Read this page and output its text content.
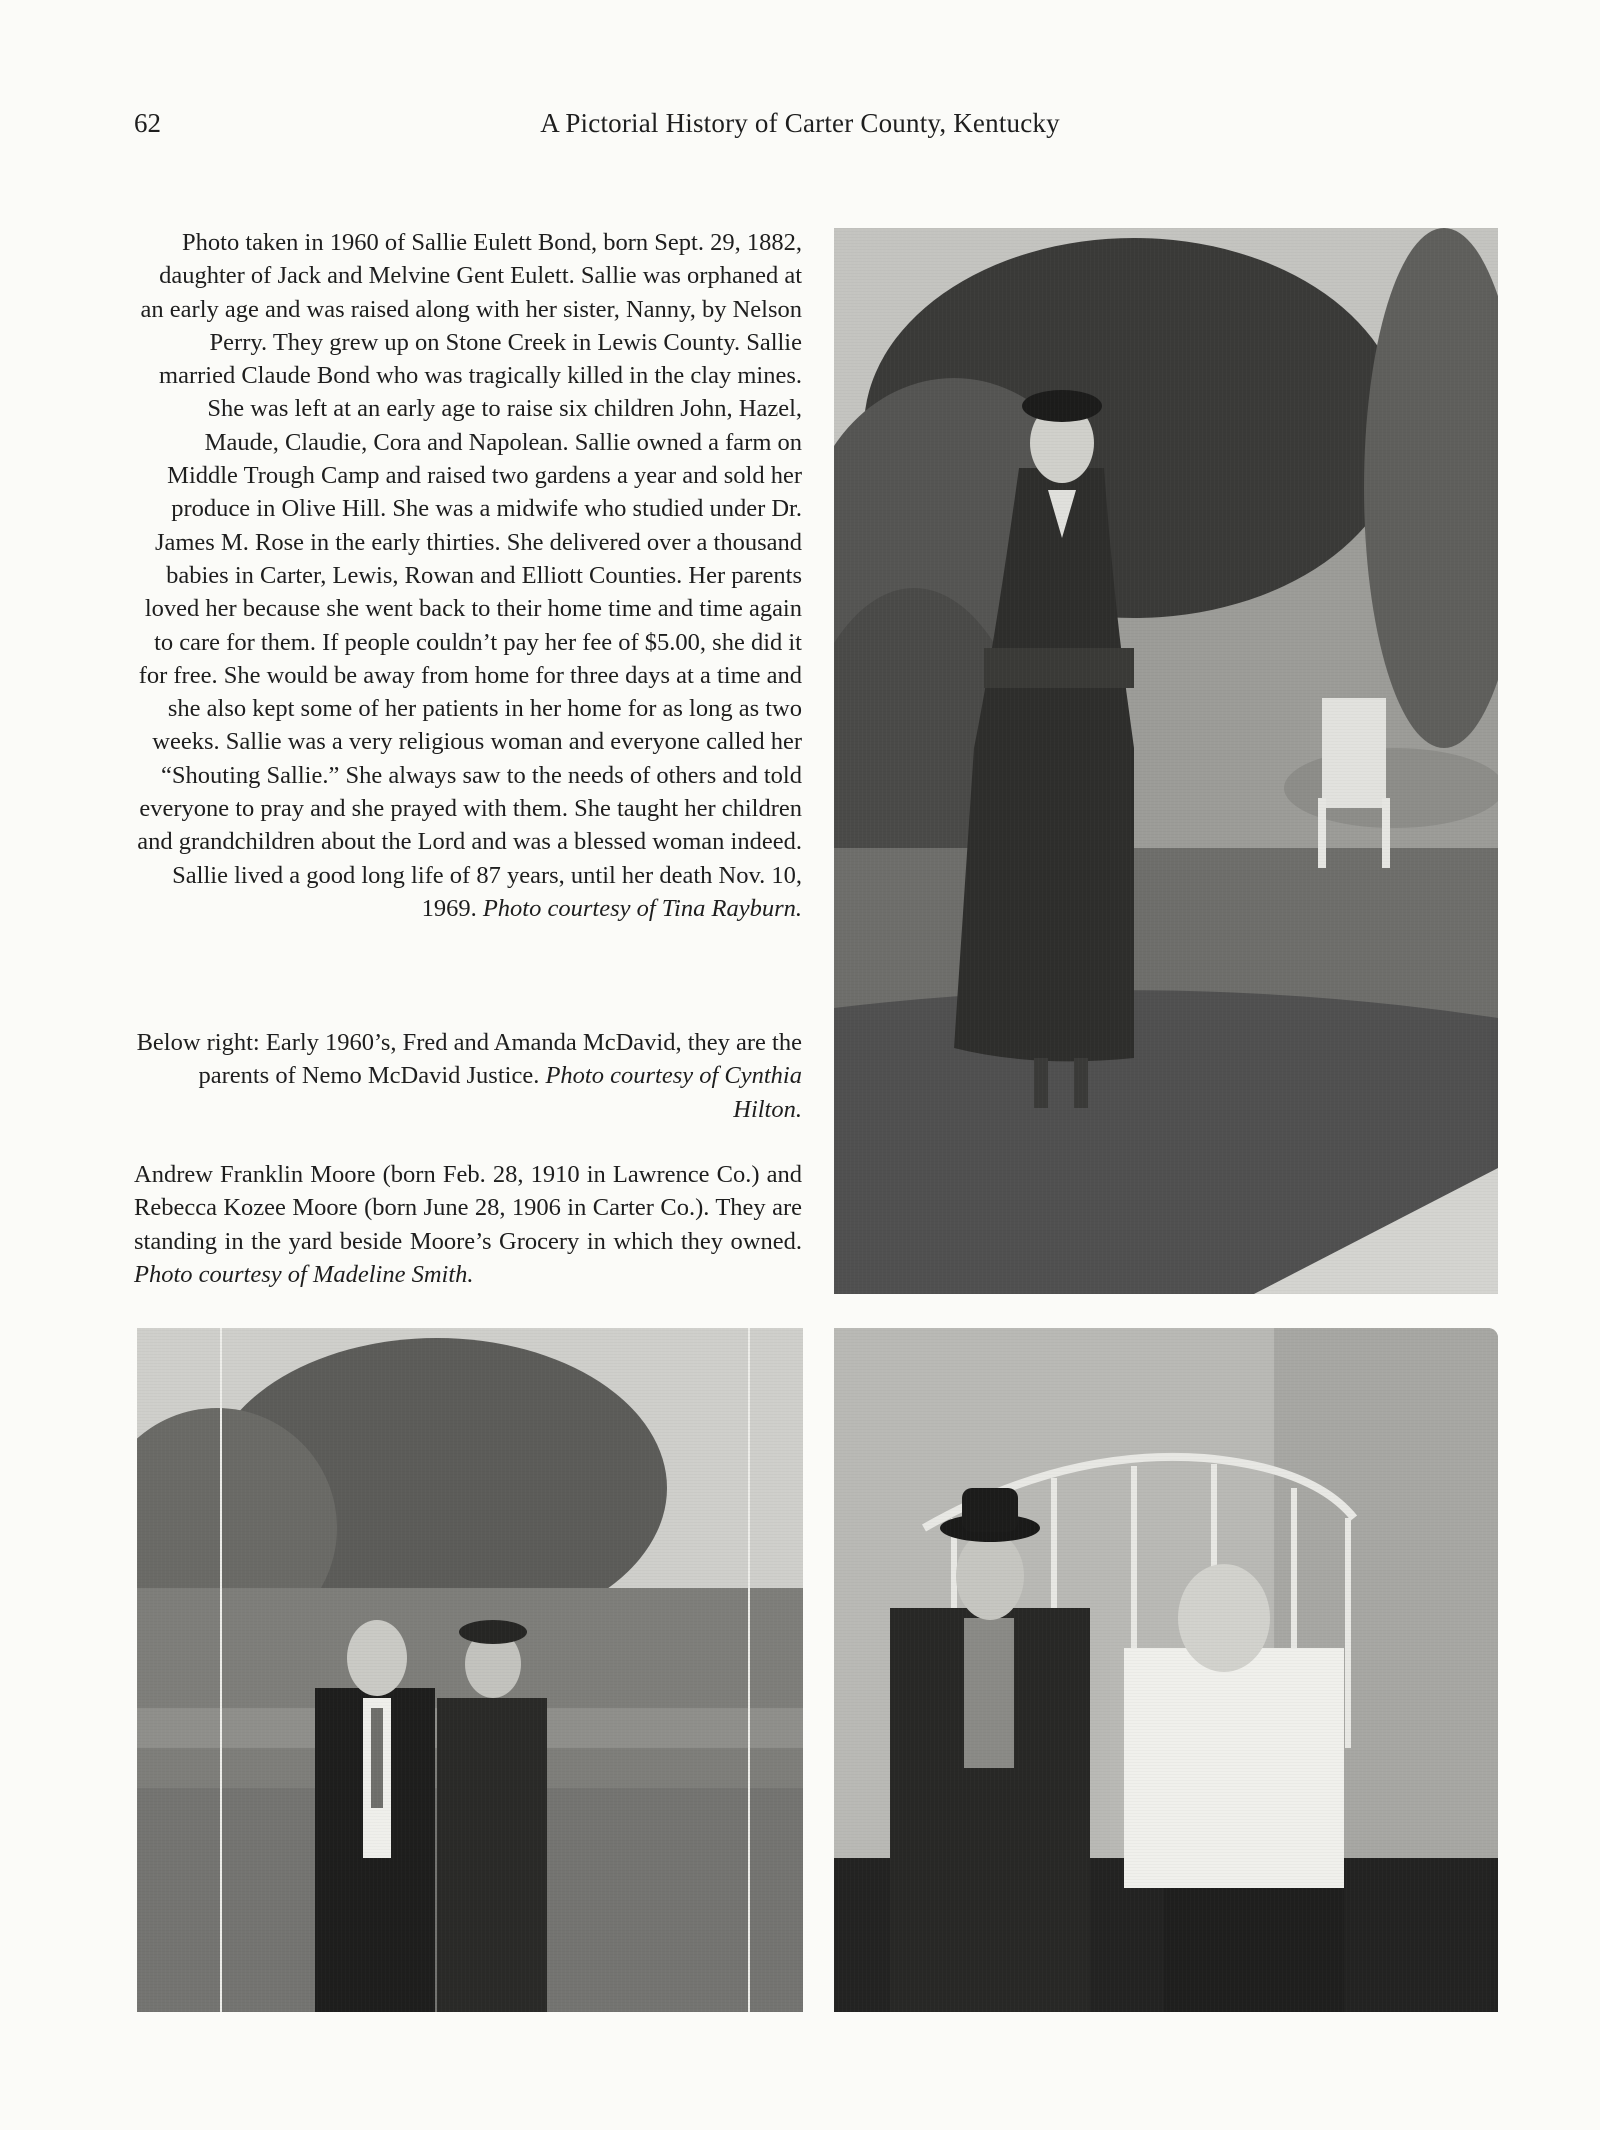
62	A Pictorial History of Carter County, Kentucky

Photo taken in 1960 of Sallie Eulett Bond, born Sept. 29, 1882, daughter of Jack and Melvine Gent Eulett. Sallie was orphaned at an early age and was raised along with her sister, Nanny, by Nelson Perry. They grew up on Stone Creek in Lewis County. Sallie married Claude Bond who was tragically killed in the clay mines. She was left at an early age to raise six children John, Hazel, Maude, Claudie, Cora and Napolean. Sallie owned a farm on Middle Trough Camp and raised two gardens a year and sold her produce in Olive Hill. She was a midwife who studied under Dr. James M. Rose in the early thirties. She delivered over a thousand babies in Carter, Lewis, Rowan and Elliott Counties. Her parents loved her because she went back to their home time and time again to care for them. If people couldn’t pay her fee of $5.00, she did it for free. She would be away from home for three days at a time and she also kept some of her patients in her home for as long as two weeks. Sallie was a very religious woman and everyone called her “Shouting Sallie.” She always saw to the needs of others and told everyone to pray and she prayed with them. She taught her children and grandchildren about the Lord and was a blessed woman indeed. Sallie lived a good long life of 87 years, until her death Nov. 10, 1969. Photo courtesy of Tina Rayburn.

Below right: Early 1960’s, Fred and Amanda McDavid, they are the parents of Nemo McDavid Justice. Photo courtesy of Cynthia Hilton.

Andrew Franklin Moore (born Feb. 28, 1910 in Lawrence Co.) and Rebecca Kozee Moore (born June 28, 1906 in Carter Co.). They are standing in the yard beside Moore’s Grocery in which they owned. Photo courtesy of Madeline Smith.
